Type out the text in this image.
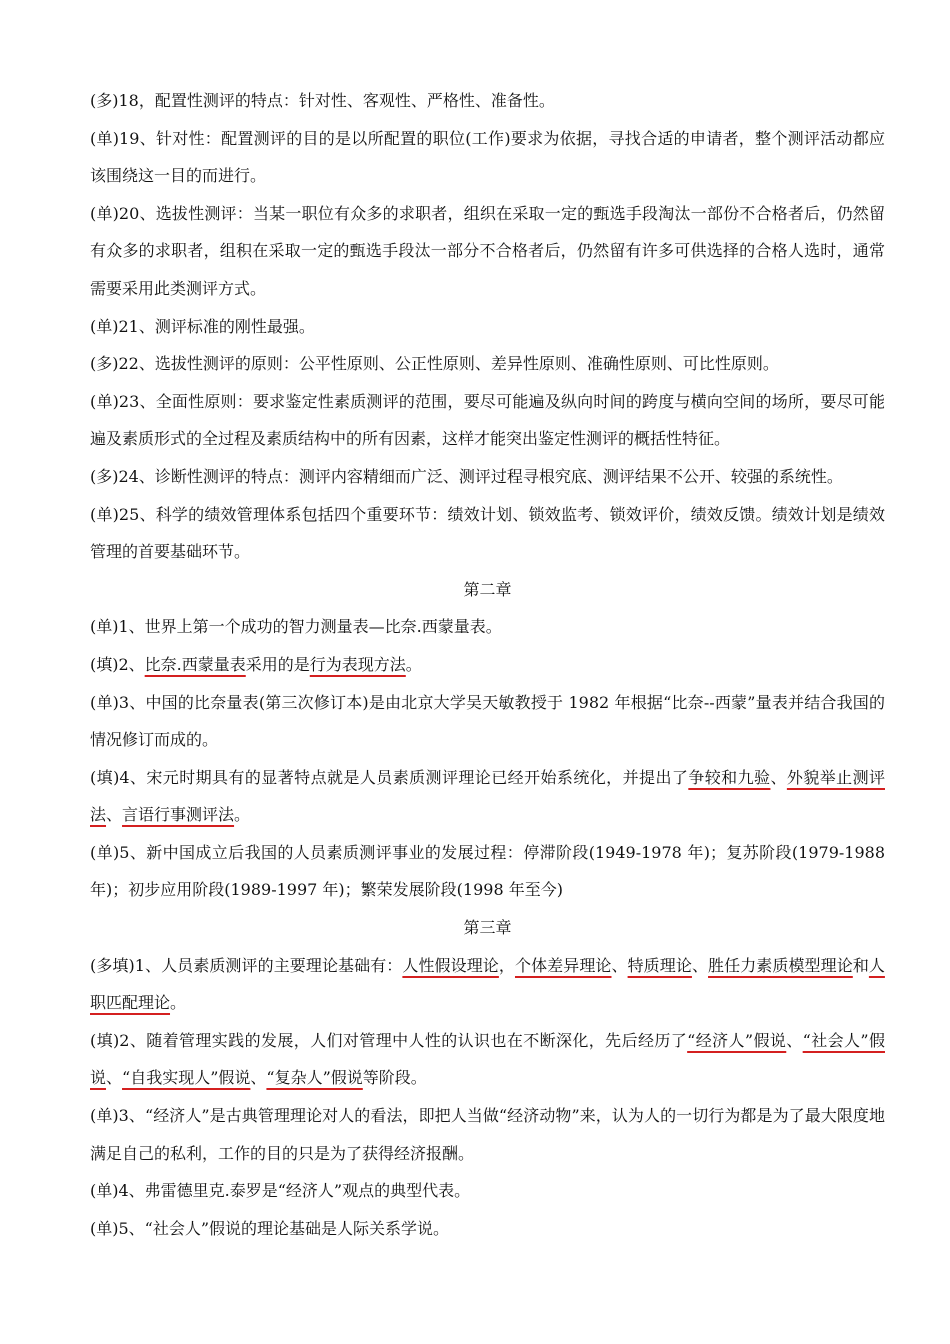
(多)18，配置性测评的特点：针对性、客观性、严格性、准备性。

(单)19、针对性：配置测评的目的是以所配置的职位(工作)要求为依据，寻找合适的申请者，整个测评活动都应该围绕这一目的而进行。

(单)20、选拔性测评：当某一职位有众多的求职者，组织在采取一定的甄选手段淘汰一部份不合格者后，仍然留有众多的求职者，组积在采取一定的甄选手段汰一部分不合格者后，仍然留有许多可供选择的合格人选时，通常需要采用此类测评方式。

(单)21、测评标准的刚性最强。

(多)22、选拔性测评的原则：公平性原则、公正性原则、差异性原则、准确性原则、可比性原则。

(单)23、全面性原则：要求鉴定性素质测评的范围，要尽可能遍及纵向时间的跨度与横向空间的场所，要尽可能遍及素质形式的全过程及素质结构中的所有因素，这样才能突出鉴定性测评的概括性特征。

(多)24、诊断性测评的特点：测评内容精细而广泛、测评过程寻根究底、测评结果不公开、较强的系统性。

(单)25、科学的绩效管理体系包括四个重要环节：绩效计划、锁效监考、锁效评价，绩效反馈。绩效计划是绩效管理的首要基础环节。

第二章

(单)1、世界上第一个成功的智力测量表—比奈.西蒙量表。

(填)2、比奈.西蒙量表采用的是行为表现方法。

(单)3、中国的比奈量表(第三次修订本)是由北京大学吴天敏教授于 1982 年根据“比奈--西蒙”量表并结合我国的情况修订而成的。

(填)4、宋元时期具有的显著特点就是人员素质测评理论已经开始系统化，并提出了争较和九验、外貌举止测评法、言语行事测评法。

(单)5、新中国成立后我国的人员素质测评事业的发展过程：停滞阶段(1949-1978 年)；复苏阶段(1979-1988 年)；初步应用阶段(1989-1997 年)；繁荣发展阶段(1998 年至今)

第三章

(多填)1、人员素质测评的主要理论基础有：人性假设理论，个体差异理论、特质理论、胜任力素质模型理论和人职匹配理论。

(填)2、随着管理实践的发展，人们对管理中人性的认识也在不断深化，先后经历了“经济人”假说、“社会人”假说、“自我实现人”假说、“复杂人”假说等阶段。

(单)3、“经济人”是古典管理理论对人的看法，即把人当做“经济动物”来，认为人的一切行为都是为了最大限度地满足自己的私利，工作的目的只是为了获得经济报酬。

(单)4、弗雷德里克.泰罗是“经济人”观点的典型代表。

(单)5、“社会人”假说的理论基础是人际关系学说。
